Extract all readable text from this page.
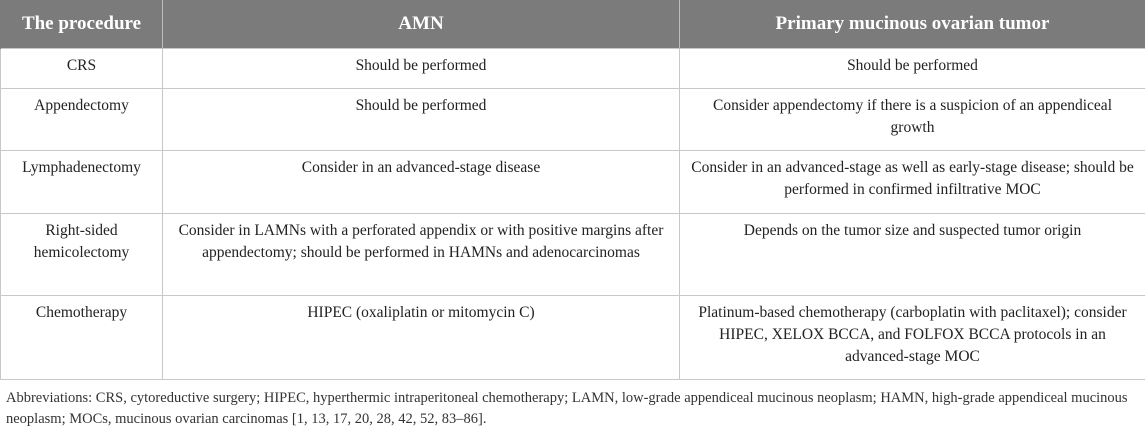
The procedure	AMN	Primary mucinous ovarian tumor
CRS	Should be performed	Should be performed
Appendectomy	Should be performed	Consider appendectomy if there is a suspicion of an appendiceal growth
Lymphadenectomy	Consider in an advanced-stage disease	Consider in an advanced-stage as well as early-stage disease; should be performed in confirmed infiltrative MOC
Right-sided hemicolectomy	Consider in LAMNs with a perforated appendix or with positive margins after appendectomy; should be performed in HAMNs and adenocarcinomas	Depends on the tumor size and suspected tumor origin
Chemotherapy	HIPEC (oxaliplatin or mitomycin C)	Platinum-based chemotherapy (carboplatin with paclitaxel); consider HIPEC, XELOX BCCA, and FOLFOX BCCA protocols in an advanced-stage MOC
Abbreviations: CRS, cytoreductive surgery; HIPEC, hyperthermic intraperitoneal chemotherapy; LAMN, low-grade appendiceal mucinous neoplasm; HAMN, high-grade appendiceal mucinous neoplasm; MOCs, mucinous ovarian carcinomas [1, 13, 17, 20, 28, 42, 52, 83–86].
